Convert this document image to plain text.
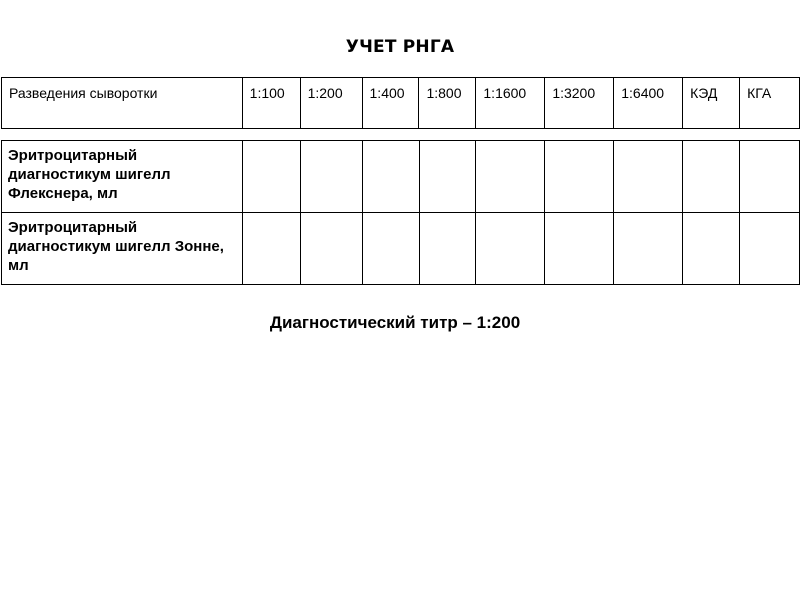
УЧЕТ РНГА
Разведения сыворотки	1:100	1:200	1:400	1:800	1:1600	1:3200	1:6400	КЭД	КГА
Эритроцитарный диагностикум шигелл Флекснера, мл									
Эритроцитарный диагностикум шигелл Зонне, мл									
Диагностический титр – 1:200
